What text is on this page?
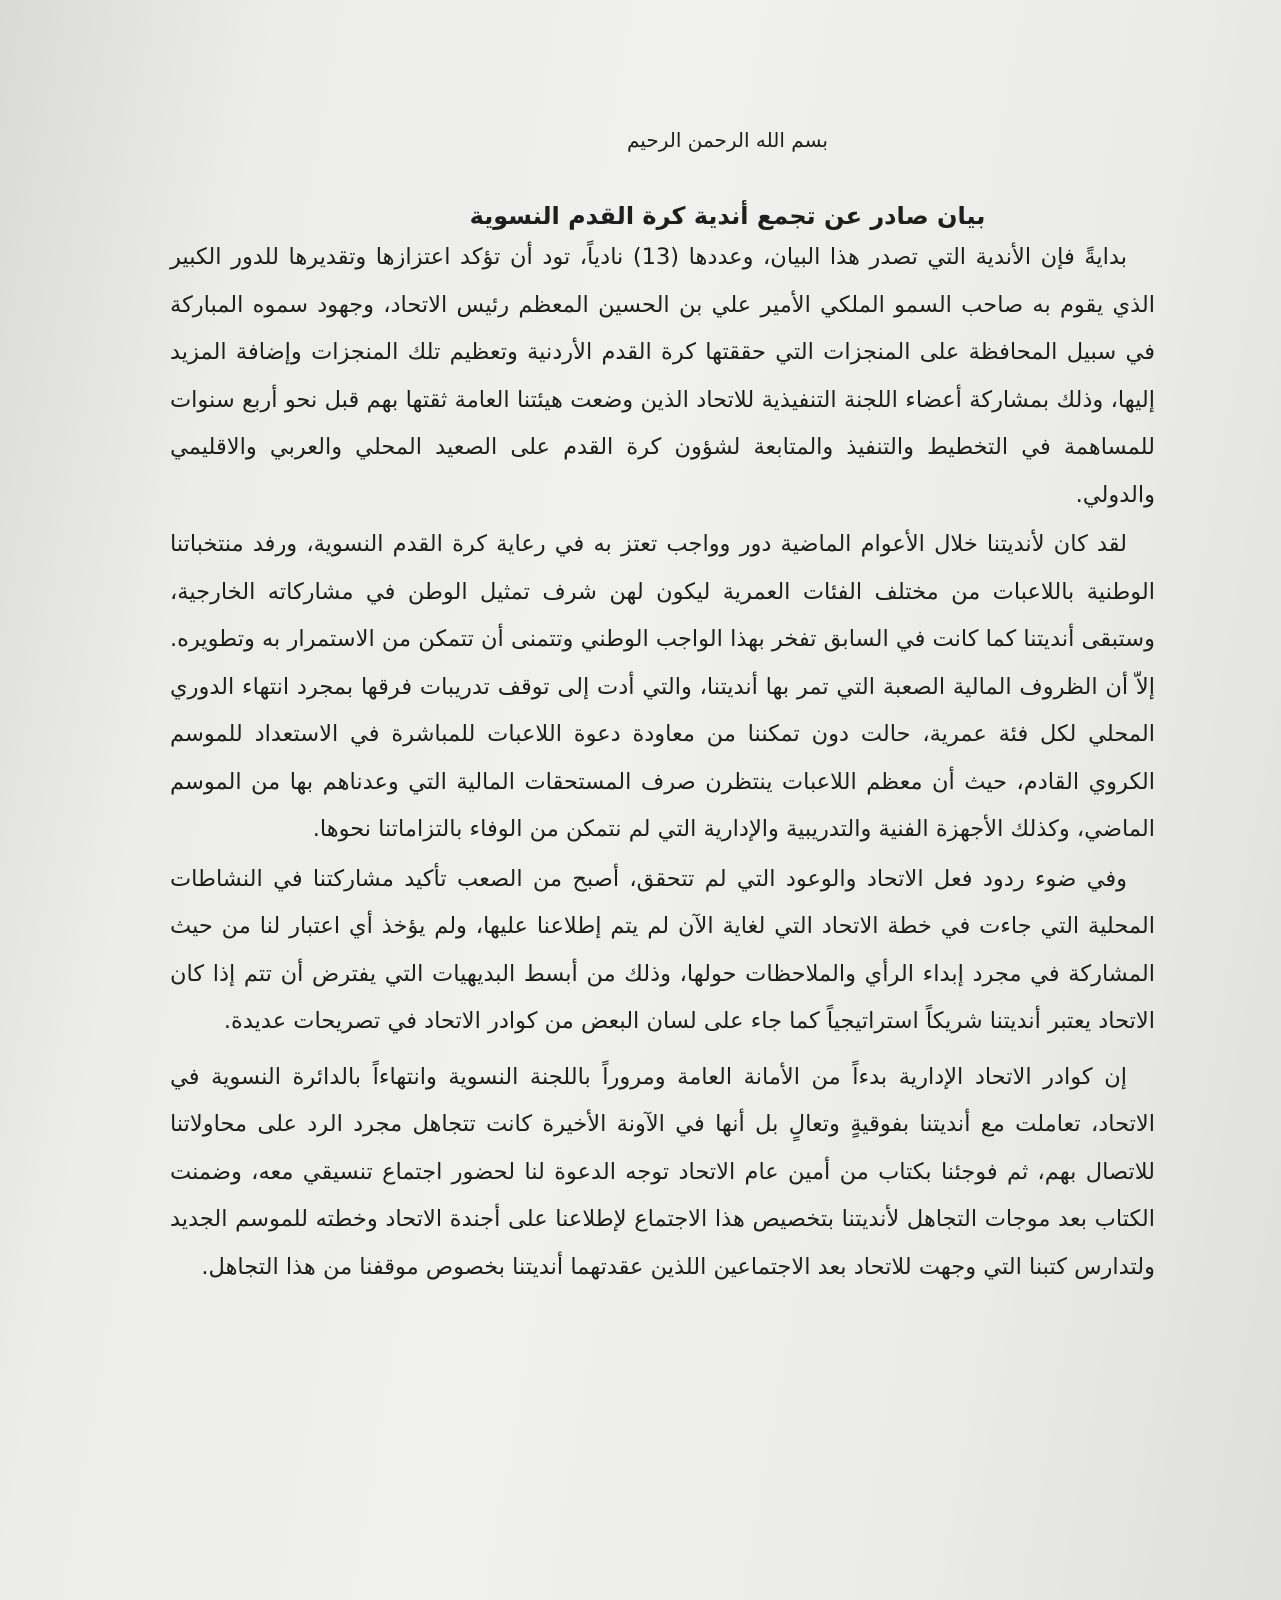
بسم الله الرحمن الرحيم
بيان صادر عن تجمع أندية كرة القدم النسوية

بدايةً فإن الأندية التي تصدر هذا البيان، وعددها (13) نادياً، تود أن تؤكد اعتزازها وتقديرها للدور الكبير الذي يقوم به صاحب السمو الملكي الأمير علي بن الحسين المعظم رئيس الاتحاد، وجهود سموه المباركة في سبيل المحافظة على المنجزات التي حققتها كرة القدم الأردنية وتعظيم تلك المنجزات وإضافة المزيد إليها، وذلك بمشاركة أعضاء اللجنة التنفيذية للاتحاد الذين وضعت هيئتنا العامة ثقتها بهم قبل نحو أربع سنوات للمساهمة في التخطيط والتنفيذ والمتابعة لشؤون كرة القدم على الصعيد المحلي والعربي والاقليمي والدولي.

لقد كان لأنديتنا خلال الأعوام الماضية دور وواجب تعتز به في رعاية كرة القدم النسوية، ورفد منتخباتنا الوطنية باللاعبات من مختلف الفئات العمرية ليكون لهن شرف تمثيل الوطن في مشاركاته الخارجية، وستبقى أنديتنا كما كانت في السابق تفخر بهذا الواجب الوطني وتتمنى أن تتمكن من الاستمرار به وتطويره. إلاّ أن الظروف المالية الصعبة التي تمر بها أنديتنا، والتي أدت إلى توقف تدريبات فرقها بمجرد انتهاء الدوري المحلي لكل فئة عمرية، حالت دون تمكننا من معاودة دعوة اللاعبات للمباشرة في الاستعداد للموسم الكروي القادم، حيث أن معظم اللاعبات ينتظرن صرف المستحقات المالية التي وعدناهم بها من الموسم الماضي، وكذلك الأجهزة الفنية والتدريبية والإدارية التي لم نتمكن من الوفاء بالتزاماتنا نحوها.

وفي ضوء ردود فعل الاتحاد والوعود التي لم تتحقق، أصبح من الصعب تأكيد مشاركتنا في النشاطات المحلية التي جاءت في خطة الاتحاد التي لغاية الآن لم يتم إطلاعنا عليها، ولم يؤخذ أي اعتبار لنا من حيث المشاركة في مجرد إبداء الرأي والملاحظات حولها، وذلك من أبسط البديهيات التي يفترض أن تتم إذا كان الاتحاد يعتبر أنديتنا شريكاً استراتيجياً كما جاء على لسان البعض من كوادر الاتحاد في تصريحات عديدة.

إن كوادر الاتحاد الإدارية بدءاً من الأمانة العامة ومروراً باللجنة النسوية وانتهاءاً بالدائرة النسوية في الاتحاد، تعاملت مع أنديتنا بفوقيةٍ وتعالٍ بل أنها في الآونة الأخيرة كانت تتجاهل مجرد الرد على محاولاتنا للاتصال بهم، ثم فوجئنا بكتاب من أمين عام الاتحاد توجه الدعوة لنا لحضور اجتماع تنسيقي معه، وضمنت الكتاب بعد موجات التجاهل لأنديتنا بتخصيص هذا الاجتماع لإطلاعنا على أجندة الاتحاد وخطته للموسم الجديد ولتدارس كتبنا التي وجهت للاتحاد بعد الاجتماعين اللذين عقدتهما أنديتنا بخصوص موقفنا من هذا التجاهل.
